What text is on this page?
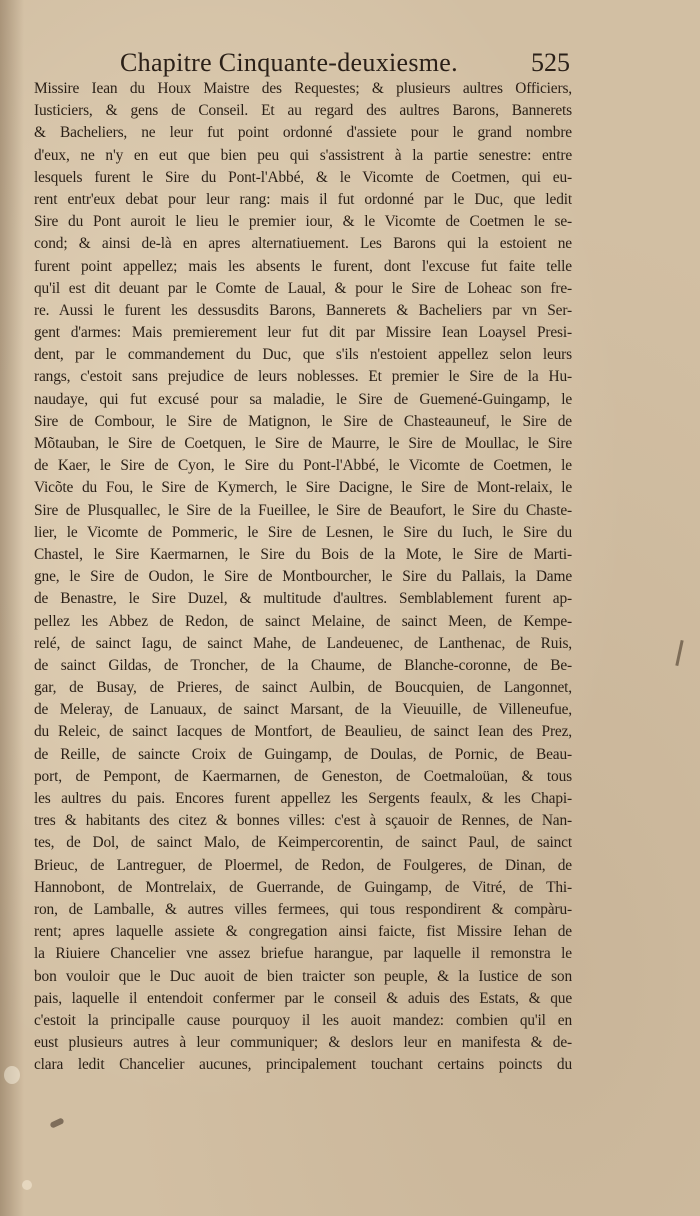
Chapitre Cinquante-deuxiesme.	525
Missire Iean du Houx Maistre des Requestes; & plusieurs aultres Officiers,
Iusticiers, & gens de Conseil. Et au regard des aultres Barons, Bannerets
& Bacheliers, ne leur fut point ordonné d'assiete pour le grand nombre
d'eux, ne n'y en eut que bien peu qui s'assistrent à la partie senestre: entre
lesquels furent le Sire du Pont-l'Abbé, & le Vicomte de Coetmen, qui eu-
rent entr'eux debat pour leur rang: mais il fut ordonné par le Duc, que ledit
Sire du Pont auroit le lieu le premier iour, & le Vicomte de Coetmen le se-
cond; & ainsi de-là en apres alternatiuement. Les Barons qui la estoient ne
furent point appellez; mais les absents le furent, dont l'excuse fut faite telle
qu'il est dit deuant par le Comte de Laual, & pour le Sire de Loheac son fre-
re. Aussi le furent les dessusdits Barons, Bannerets & Bacheliers par vn Ser-
gent d'armes: Mais premierement leur fut dit par Missire Iean Loaysel Presi-
dent, par le commandement du Duc, que s'ils n'estoient appellez selon leurs
rangs, c'estoit sans prejudice de leurs noblesses. Et premier le Sire de la Hu-
naudaye, qui fut excusé pour sa maladie, le Sire de Guemené-Guingamp, le
Sire de Combour, le Sire de Matignon, le Sire de Chasteauneuf, le Sire de
Mõtauban, le Sire de Coetquen, le Sire de Maurre, le Sire de Moullac, le Sire
de Kaer, le Sire de Cyon, le Sire du Pont-l'Abbé, le Vicomte de Coetmen, le
Vicõte du Fou, le Sire de Kymerch, le Sire Dacigne, le Sire de Mont-relaix, le
Sire de Plusquallec, le Sire de la Fueillee, le Sire de Beaufort, le Sire du Chaste-
lier, le Vicomte de Pommeric, le Sire de Lesnen, le Sire du Iuch, le Sire du
Chastel, le Sire Kaermarnen, le Sire du Bois de la Mote, le Sire de Marti-
gne, le Sire de Oudon, le Sire de Montbourcher, le Sire du Pallais, la Dame
de Benastre, le Sire Duzel, & multitude d'aultres. Semblablement furent ap-
pellez les Abbez de Redon, de sainct Melaine, de sainct Meen, de Kempe-
relé, de sainct Iagu, de sainct Mahe, de Landeuenec, de Lanthenac, de Ruis,
de sainct Gildas, de Troncher, de la Chaume, de Blanche-coronne, de Be-
gar, de Busay, de Prieres, de sainct Aulbin, de Boucquien, de Langonnet,
de Meleray, de Lanuaux, de sainct Marsant, de la Vieuuille, de Villeneufue,
du Releic, de sainct Iacques de Montfort, de Beaulieu, de sainct Iean des Prez,
de Reille, de saincte Croix de Guingamp, de Doulas, de Pornic, de Beau-
port, de Pempont, de Kaermarnen, de Geneston, de Coetmaloüan, & tous
les aultres du pais. Encores furent appellez les Sergents feaulx, & les Chapi-
tres & habitants des citez & bonnes villes: c'est à sçauoir de Rennes, de Nan-
tes, de Dol, de sainct Malo, de Keimpercorentin, de sainct Paul, de sainct
Brieuc, de Lantreguer, de Ploermel, de Redon, de Foulgeres, de Dinan, de
Hannobont, de Montrelaix, de Guerrande, de Guingamp, de Vitré, de Thi-
ron, de Lamballe, & autres villes fermees, qui tous respondirent & compàru-
rent; apres laquelle assiete & congregation ainsi faicte, fist Missire Iehan de
la Riuiere Chancelier vne assez briefue harangue, par laquelle il remonstra le
bon vouloir que le Duc auoit de bien traicter son peuple, & la Iustice de son
pais, laquelle il entendoit confermer par le conseil & aduis des Estats, & que
c'estoit la principalle cause pourquoy il les auoit mandez: combien qu'il en
eust plusieurs autres à leur communiquer; & deslors leur en manifesta & de-
clara ledit Chancelier aucunes, principalement touchant certains poincts du
